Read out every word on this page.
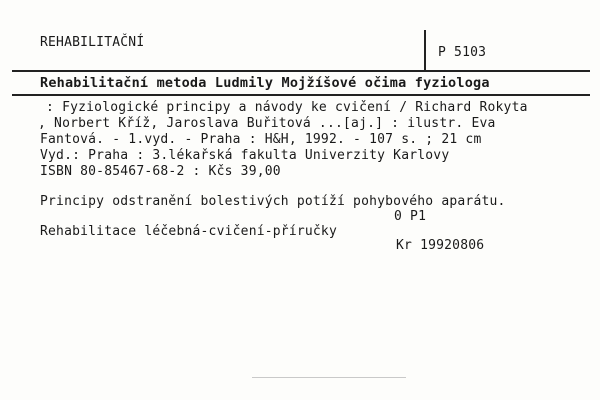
REHABILITAČNÍ
P 5103
Rehabilitační metoda Ludmily Mojžíšové očima fyziologa
: Fyziologické principy a návody ke cvičení / Richard Rokyta
, Norbert Kříž, Jaroslava Buřitová ...[aj.] : ilustr. Eva
Fantová. - 1.vyd. - Praha : H&H, 1992. - 107 s. ; 21 cm
Vyd.: Praha : 3.lékařská fakulta Univerzity Karlovy
ISBN 80-85467-68-2 : Kčs 39,00
Principy odstranění bolestivých potíží pohybového aparátu.
0 P1
Rehabilitace léčebná-cvičení-příručky
Kr 19920806
